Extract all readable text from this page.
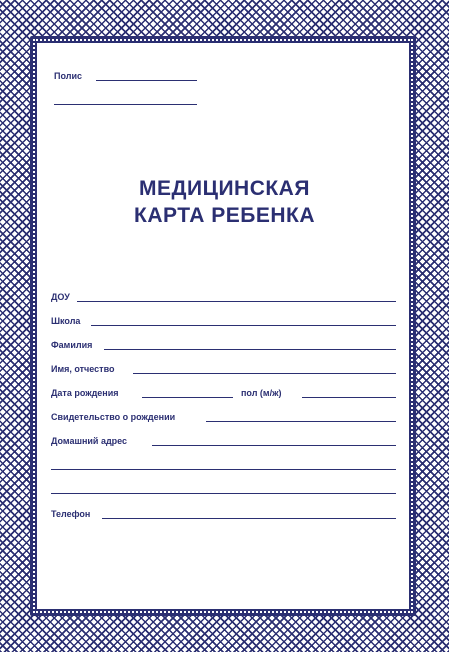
Полис
МЕДИЦИНСКАЯ
КАРТА РЕБЕНКА
ДОУ
Школа
Фамилия
Имя, отчество
Дата рождения	пол (м/ж)
Свидетельство о рождении
Домашний адрес
Телефон
